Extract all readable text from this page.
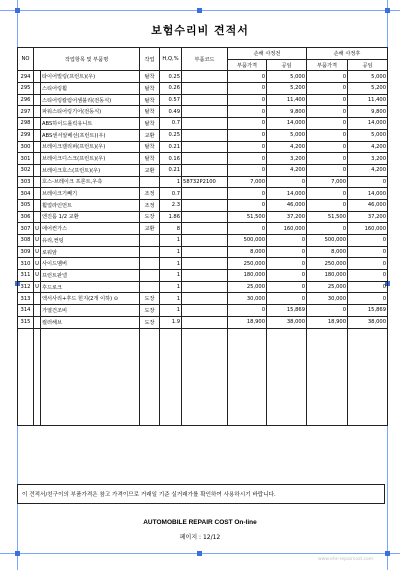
보험수리비 견적서
NO	작업항목 및 부품명		작업	H,Q,%	부품코드	손해 사정전		손해 사정후	
						부품가격	공임	부품가격	공임
294		타이어빌링(프런트)(우)	탈착	0.25		0	5,000	0	5,000
295		스티어링휠	탈착	0.26		0	5,200	0	5,200
296		스티어링칼럼어셈블리(전동식)	탈착	0.57		0	11,400	0	11,400
297		파워스티어링기어(전동식)	탈착	0.49		0	9,800	0	9,800
298		ABS하이드롤릭유니트	탈착	0.7		0	14,000	0	14,000
299		ABS센서알베선(프런트)(우)	교환	0.25		0	5,000	0	5,000
300		브레이크캘리퍼(프런트)(우)	탈착	0.21		0	4,200	0	4,200
301		브레이크디스크(프런트)(우)	탈착	0.16		0	3,200	0	3,200
302		브레이크호스(프런트)(우)	교환	0.21		0	4,200	0	4,200
303		호스-브레이크 프론트,우측		1	58732P2100	7,000	0	7,000	0
304		브레이크기빼기	조정	0.7		0	14,000	0	14,000
305		휠얼라인먼트	조정	2.3		0	46,000	0	46,000
306		엔진룸 1/2 교환	도장	1.86		51,500	37,200	51,500	37,200
307	U	에어컨가스	교환	8		0	160,000	0	160,000
308	U	유리,썬팅		1		500,000	0	500,000	0
309	U	로워암		1		8,000	0	8,000	0
310	U	사이드멤버		1		250,000	0	250,000	0
311	U	프런트판넬		1		180,000	0	180,000	0
312	U	후드로크		1		25,000	0	25,000	0
313		엑서사리+후드 힌지(2개 이하) ⊙	도장	1		30,000	0	30,000	0
314		가열건조비	도장	1		0	15,869	0	15,869
315		컬러해브	도장	1.9		18,900	38,000	18,900	38,000

이 견적서/친구이의 부품가격은 참고 가격이므로 거래일 기준 실거래가를 확인하여 사용하시기 바랍니다.
AUTOMOBILE REPAIR COST On-line
페이지 : 12/12
www.ehs-repaircost.com
